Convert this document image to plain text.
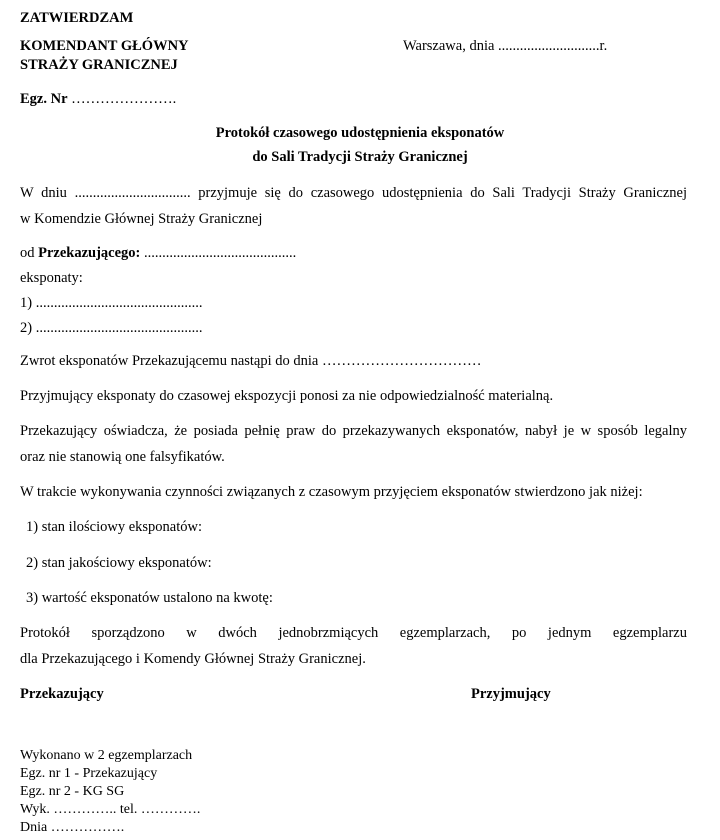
ZATWIERDZAM
KOMENDANT GŁÓWNY
STRAŻY GRANICZNEJ
Warszawa, dnia ............................r.
Egz. Nr ………………….
Protokół czasowego udostępnienia eksponatów
do Sali Tradycji Straży Granicznej
W dniu ................................ przyjmuje się do czasowego udostępnienia do Sali Tradycji Straży Granicznej
w Komendzie Głównej Straży Granicznej
od Przekazującego: ..........................................
eksponaty:
1) ..............................................
2) ..............................................
Zwrot eksponatów Przekazującemu nastąpi do dnia ……………………………
Przyjmujący eksponaty do czasowej ekspozycji ponosi za nie odpowiedzialność materialną.
Przekazujący oświadcza, że posiada pełnię praw do przekazywanych eksponatów, nabył je w sposób legalny
oraz nie stanowią one falsyfikatów.
W trakcie wykonywania czynności związanych z czasowym przyjęciem eksponatów stwierdzono jak niżej:
1) stan ilościowy eksponatów:
2) stan jakościowy eksponatów:
3) wartość eksponatów ustalono na kwotę:
Protokół sporządzono w dwóch jednobrzmiących egzemplarzach, po jednym egzemplarzu
dla Przekazującego i Komendy Głównej Straży Granicznej.
Przekazujący	Przyjmujący
Wykonano w 2 egzemplarzach
Egz. nr 1 - Przekazujący
Egz. nr 2 - KG SG
Wyk. ………….. tel. ………….
Dnia …………….
